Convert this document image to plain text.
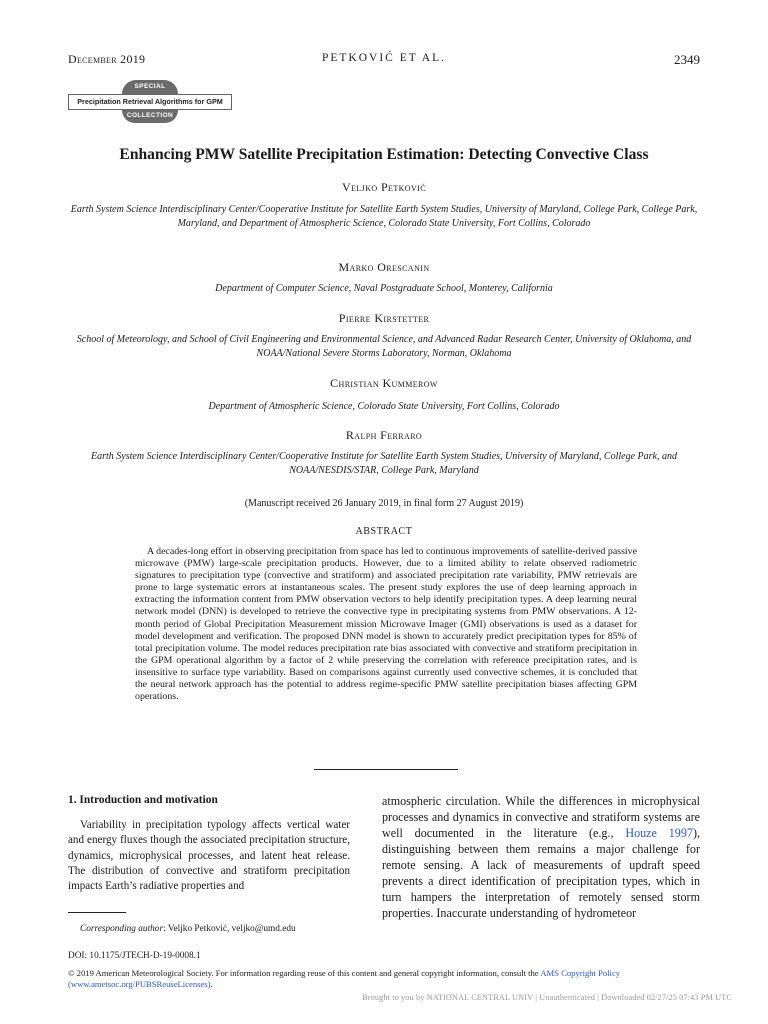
December 2019	PETKOVIĆ ET AL.	2349
SPECIAL
Precipitation Retrieval Algorithms for GPM
COLLECTION
Enhancing PMW Satellite Precipitation Estimation: Detecting Convective Class
Veljko Petković
Earth System Science Interdisciplinary Center/Cooperative Institute for Satellite Earth System Studies, University of Maryland, College Park, College Park, Maryland, and Department of Atmospheric Science, Colorado State University, Fort Collins, Colorado
Marko Orescanin
Department of Computer Science, Naval Postgraduate School, Monterey, California
Pierre Kirstetter
School of Meteorology, and School of Civil Engineering and Environmental Science, and Advanced Radar Research Center, University of Oklahoma, and NOAA/National Severe Storms Laboratory, Norman, Oklahoma
Christian Kummerow
Department of Atmospheric Science, Colorado State University, Fort Collins, Colorado
Ralph Ferraro
Earth System Science Interdisciplinary Center/Cooperative Institute for Satellite Earth System Studies, University of Maryland, College Park, and NOAA/NESDIS/STAR, College Park, Maryland
(Manuscript received 26 January 2019, in final form 27 August 2019)
ABSTRACT
A decades-long effort in observing precipitation from space has led to continuous improvements of satellite-derived passive microwave (PMW) large-scale precipitation products. However, due to a limited ability to relate observed radiometric signatures to precipitation type (convective and stratiform) and associated precipitation rate variability, PMW retrievals are prone to large systematic errors at instantaneous scales. The present study explores the use of deep learning approach in extracting the information content from PMW observation vectors to help identify precipitation types. A deep learning neural network model (DNN) is developed to retrieve the convective type in precipitating systems from PMW observations. A 12-month period of Global Precipitation Measurement mission Microwave Imager (GMI) observations is used as a dataset for model development and verification. The proposed DNN model is shown to accurately predict precipitation types for 85% of total precipitation volume. The model reduces precipitation rate bias associated with convective and stratiform precipitation in the GPM operational algorithm by a factor of 2 while preserving the correlation with reference precipitation rates, and is insensitive to surface type variability. Based on comparisons against currently used convective schemes, it is concluded that the neural network approach has the potential to address regime-specific PMW satellite precipitation biases affecting GPM operations.
1. Introduction and motivation

Variability in precipitation typology affects vertical water and energy fluxes though the associated precipitation structure, dynamics, microphysical processes, and latent heat release. The distribution of convective and stratiform precipitation impacts Earth’s radiative properties and

Corresponding author: Veljko Petković, veljko@umd.edu
atmospheric circulation. While the differences in microphysical processes and dynamics in convective and stratiform systems are well documented in the literature (e.g., Houze 1997), distinguishing between them remains a major challenge for remote sensing. A lack of measurements of updraft speed prevents a direct identification of precipitation types, which in turn hampers the interpretation of remotely sensed storm properties. Inaccurate understanding of hydrometeor
DOI: 10.1175/JTECH-D-19-0008.1
© 2019 American Meteorological Society. For information regarding reuse of this content and general copyright information, consult the AMS Copyright Policy (www.ametsoc.org/PUBSReuseLicenses).
Brought to you by NATIONAL CENTRAL UNIV | Unauthenticated | Downloaded 02/27/25 07:43 PM UTC
